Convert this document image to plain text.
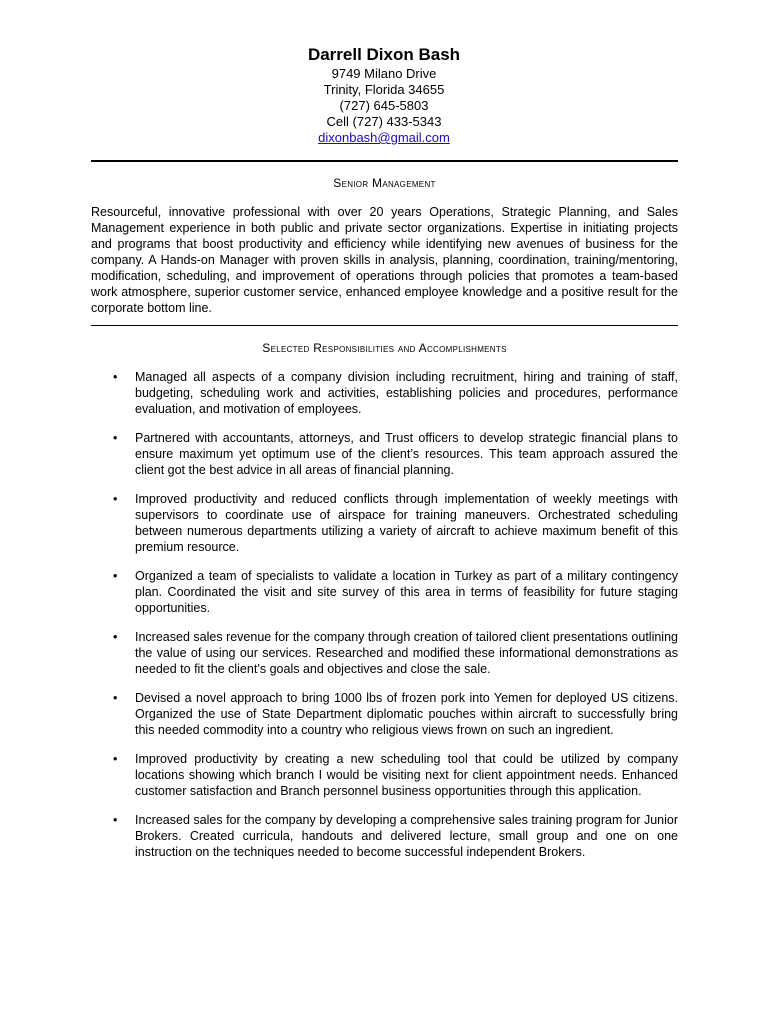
Darrell Dixon Bash
9749 Milano Drive
Trinity, Florida 34655
(727) 645-5803
Cell (727) 433-5343
dixonbash@gmail.com
Senior Management

Resourceful, innovative professional with over 20 years Operations, Strategic Planning, and Sales Management experience in both public and private sector organizations. Expertise in initiating projects and programs that boost productivity and efficiency while identifying new avenues of business for the company. A Hands-on Manager with proven skills in analysis, planning, coordination, training/mentoring, modification, scheduling, and improvement of operations through policies that promotes a team-based work atmosphere, superior customer service, enhanced employee knowledge and a positive result for the corporate bottom line.

Selected Responsibilities and Accomplishments
• Managed all aspects of a company division including recruitment, hiring and training of staff, budgeting, scheduling work and activities, establishing policies and procedures, performance evaluation, and motivation of employees.
• Partnered with accountants, attorneys, and Trust officers to develop strategic financial plans to ensure maximum yet optimum use of the client’s resources. This team approach assured the client got the best advice in all areas of financial planning.
• Improved productivity and reduced conflicts through implementation of weekly meetings with supervisors to coordinate use of airspace for training maneuvers. Orchestrated scheduling between numerous departments utilizing a variety of aircraft to achieve maximum benefit of this premium resource.
• Organized a team of specialists to validate a location in Turkey as part of a military contingency plan. Coordinated the visit and site survey of this area in terms of feasibility for future staging opportunities.
• Increased sales revenue for the company through creation of tailored client presentations outlining the value of using our services. Researched and modified these informational demonstrations as needed to fit the client’s goals and objectives and close the sale.
• Devised a novel approach to bring 1000 lbs of frozen pork into Yemen for deployed US citizens. Organized the use of State Department diplomatic pouches within aircraft to successfully bring this needed commodity into a country who religious views frown on such an ingredient.
• Improved productivity by creating a new scheduling tool that could be utilized by company locations showing which branch I would be visiting next for client appointment needs. Enhanced customer satisfaction and Branch personnel business opportunities through this application.
• Increased sales for the company by developing a comprehensive sales training program for Junior Brokers. Created curricula, handouts and delivered lecture, small group and one on one instruction on the techniques needed to become successful independent Brokers.
